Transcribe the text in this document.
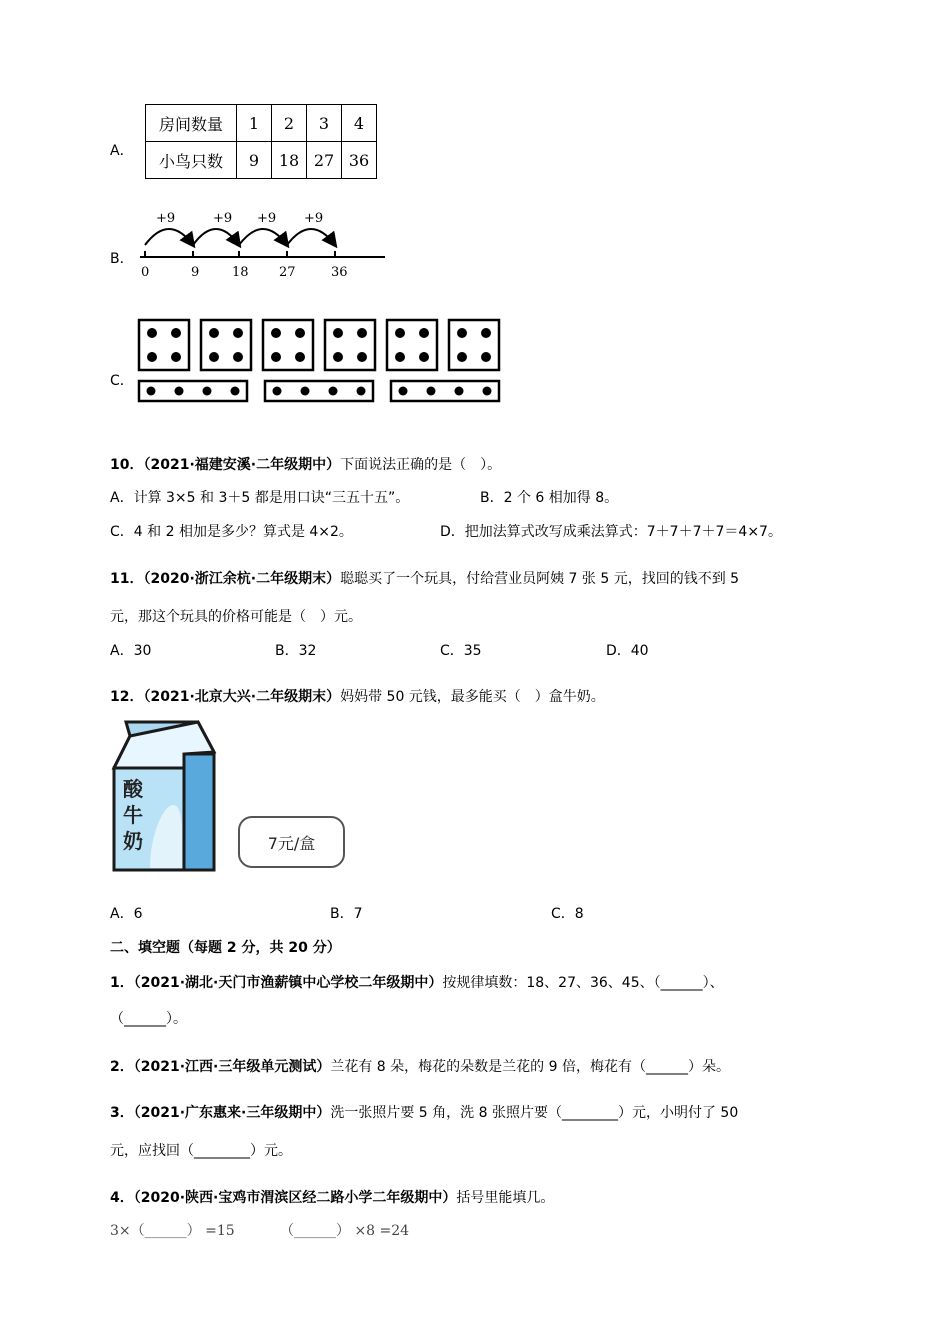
A．
房间数量	1	2	3	4
小鸟只数	9	18	27	36
B．
+9	+9 +9 +9
0	9	18 27	36
C．
10．（2021·福建安溪·二年级期中）下面说法正确的是（　）。
A．计算 3×5 和 3＋5 都是用口诀“三五十五”。	B．2 个 6 相加得 8。
C．4 和 2 相加是多少？算式是 4×2。	D．把加法算式改写成乘法算式：7＋7＋7＋7＝4×7。
11．（2020·浙江余杭·二年级期末）聪聪买了一个玩具，付给营业员阿姨 7 张 5 元，找回的钱不到 5
元，那这个玩具的价格可能是（　）元。
A．30	B．32	C．35	D．40
12．（2021·北京大兴·二年级期末）妈妈带 50 元钱，最多能买（　）盒牛奶。
酸牛奶	7元/盒
A．6	B．7	C．8
二、填空题（每题 2 分，共 20 分）
1．（2021·湖北·天门市渔薪镇中心学校二年级期中）按规律填数：18、27、36、45、（______）、
（______）。
2．（2021·江西·三年级单元测试）兰花有 8 朵，梅花的朵数是兰花的 9 倍，梅花有（______）朵。
3．（2021·广东惠来·三年级期中）洗一张照片要 5 角，洗 8 张照片要（________）元，小明付了 50
元，应找回（________）元。
4．（2020·陕西·宝鸡市渭滨区经二路小学二年级期中）括号里能填几。
3×（______） =15	（______） ×8 =24
